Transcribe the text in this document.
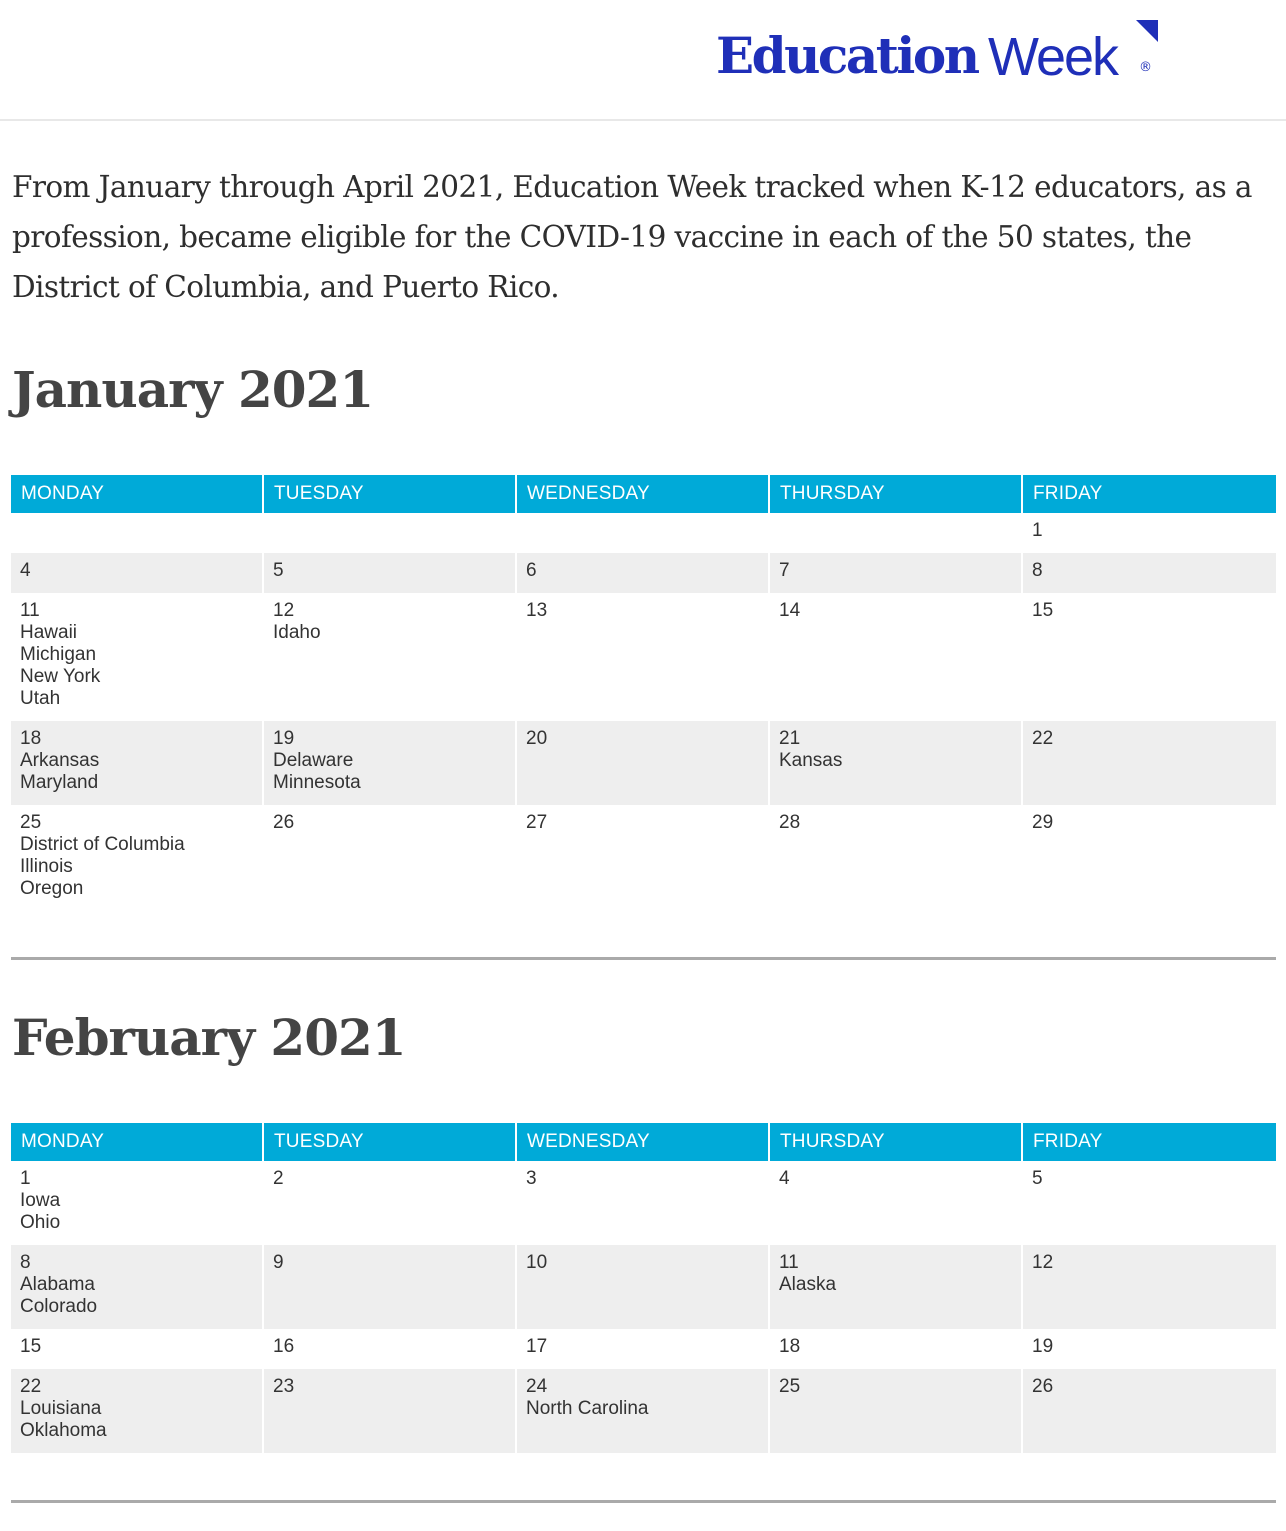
Education Week ®

From January through April 2021, Education Week tracked when K-12 educators, as a profession, became eligible for the COVID-19 vaccine in each of the 50 states, the District of Columbia, and Puerto Rico.

January 2021
MONDAY	TUESDAY	WEDNESDAY	THURSDAY	FRIDAY

				1

4	5	6	7	8

11
Hawaii
Michigan
New York
Utah	12
Idaho	13	14	15

18
Arkansas
Maryland	19
Delaware
Minnesota	20	21
Kansas	22

25
District of Columbia
Illinois
Oregon	26	27	28	29
February 2021
MONDAY	TUESDAY	WEDNESDAY	THURSDAY	FRIDAY

1
Iowa
Ohio	2	3	4	5

8
Alabama
Colorado	9	10	11
Alaska	12

15	16	17	18	19

22
Louisiana
Oklahoma	23	24
North Carolina	25	26
